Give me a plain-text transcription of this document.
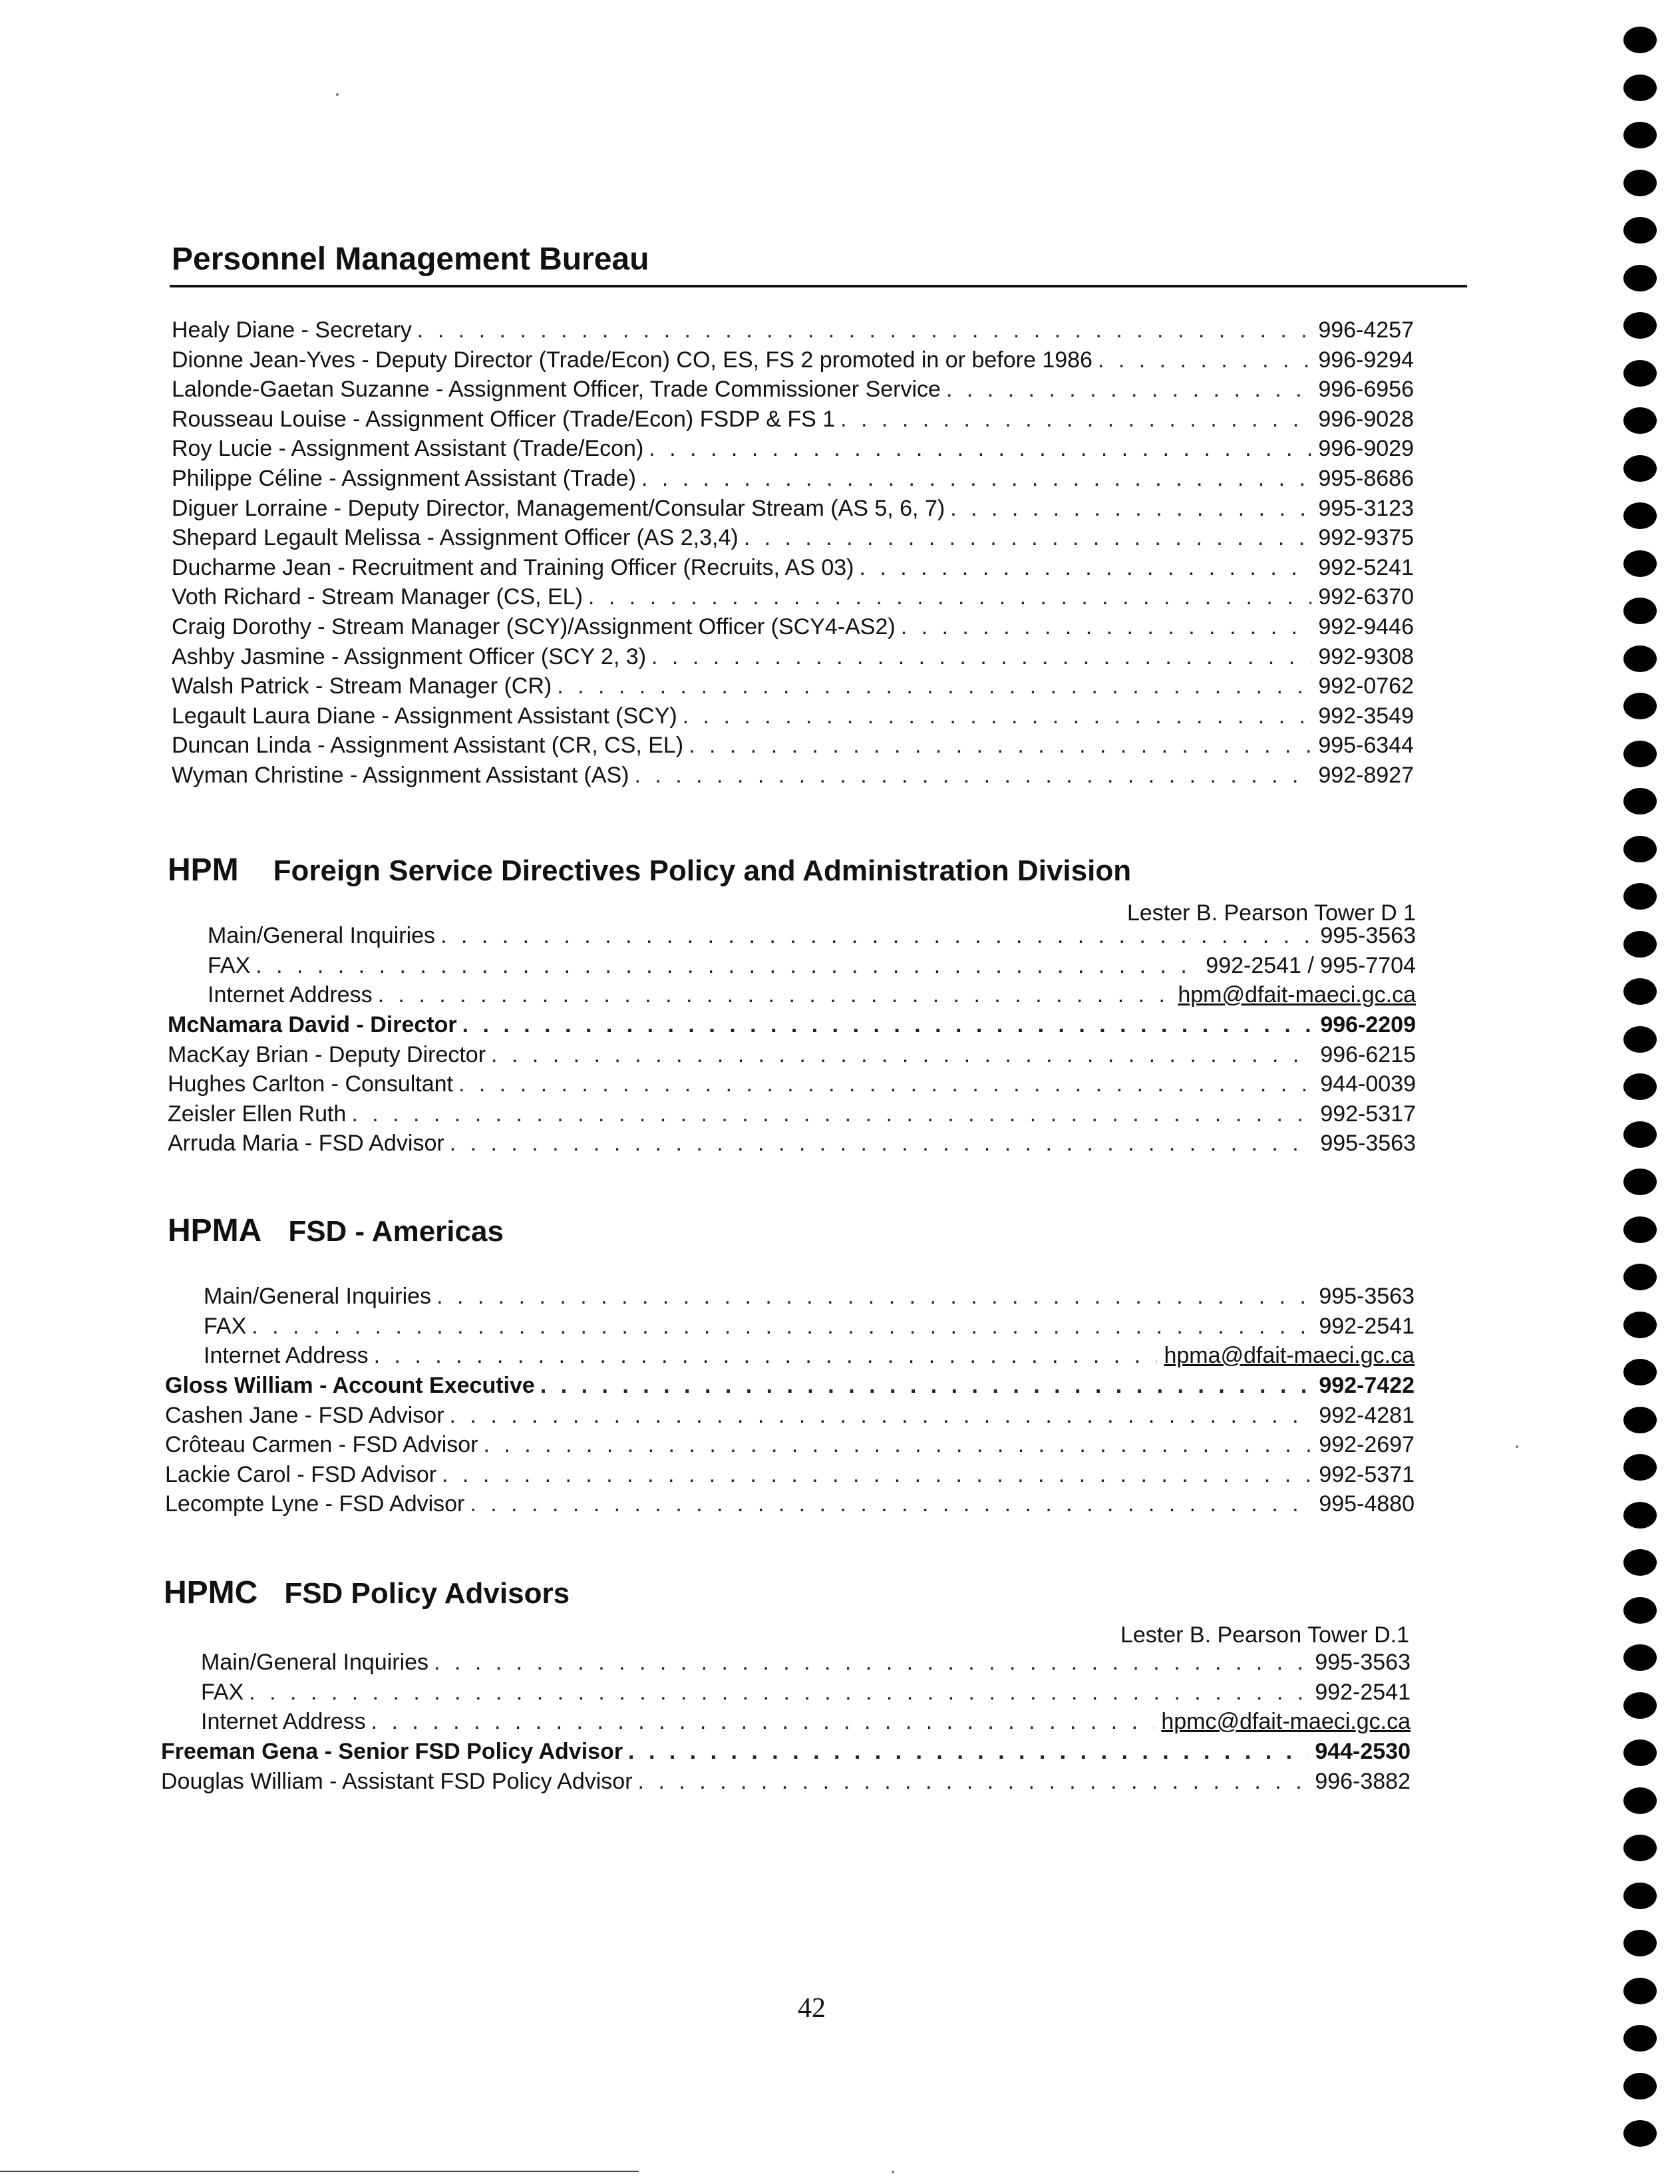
Personnel Management Bureau
Healy Diane - Secretary . . .	996-4257
Dionne Jean-Yves - Deputy Director (Trade/Econ) CO, ES, FS 2 promoted in or before 1986 . . .	996-9294
Lalonde-Gaetan Suzanne - Assignment Officer, Trade Commissioner Service . . .	996-6956
Rousseau Louise - Assignment Officer (Trade/Econ) FSDP & FS 1 . . .	996-9028
Roy Lucie - Assignment Assistant (Trade/Econ) . . .	996-9029
Philippe Céline - Assignment Assistant (Trade) . . .	995-8686
Diguer Lorraine - Deputy Director, Management/Consular Stream (AS 5, 6, 7) . . .	995-3123
Shepard Legault Melissa - Assignment Officer (AS 2,3,4) . . .	992-9375
Ducharme Jean - Recruitment and Training Officer (Recruits, AS 03) . . .	992-5241
Voth Richard - Stream Manager (CS, EL) . . .	992-6370
Craig Dorothy - Stream Manager (SCY)/Assignment Officer (SCY4-AS2) . . .	992-9446
Ashby Jasmine - Assignment Officer (SCY 2, 3) . . .	992-9308
Walsh Patrick - Stream Manager (CR) . . .	992-0762
Legault Laura Diane - Assignment Assistant (SCY) . . .	992-3549
Duncan Linda - Assignment Assistant (CR, CS, EL) . . .	995-6344
Wyman Christine - Assignment Assistant (AS) . . .	992-8927
HPM Foreign Service Directives Policy and Administration Division
Lester B. Pearson Tower D 1
Main/General Inquiries . . .	995-3563
FAX . . .	992-2541 / 995-7704
Internet Address . . .	hpm@dfait-maeci.gc.ca
McNamara David - Director . . .	996-2209
MacKay Brian - Deputy Director . . .	996-6215
Hughes Carlton - Consultant . . .	944-0039
Zeisler Ellen Ruth . . .	992-5317
Arruda Maria - FSD Advisor . . .	995-3563
HPMA FSD - Americas
Main/General Inquiries . . .	995-3563
FAX . . .	992-2541
Internet Address . . .	hpma@dfait-maeci.gc.ca
Gloss William - Account Executive . . .	992-7422
Cashen Jane - FSD Advisor . . .	992-4281
Crôteau Carmen - FSD Advisor . . .	992-2697
Lackie Carol - FSD Advisor . . .	992-5371
Lecompte Lyne - FSD Advisor . . .	995-4880
HPMC FSD Policy Advisors
Lester B. Pearson Tower D.1
Main/General Inquiries . . .	995-3563
FAX . . .	992-2541
Internet Address . . .	hpmc@dfait-maeci.gc.ca
Freeman Gena - Senior FSD Policy Advisor . . .	944-2530
Douglas William - Assistant FSD Policy Advisor . . .	996-3882
42
